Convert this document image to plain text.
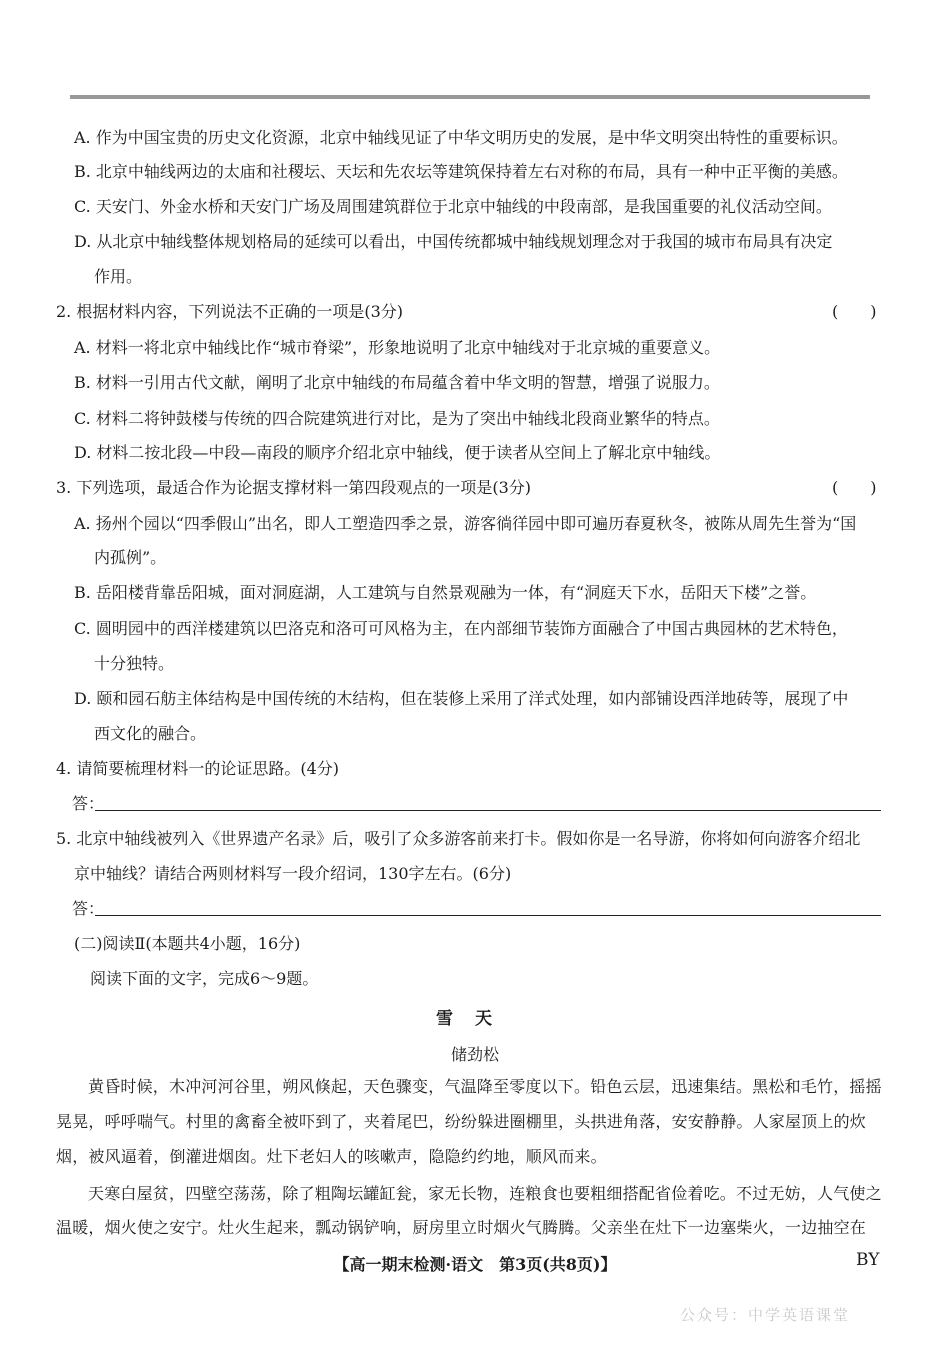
A. 作为中国宝贵的历史文化资源，北京中轴线见证了中华文明历史的发展，是中华文明突出特性的重要标识。
B. 北京中轴线两边的太庙和社稷坛、天坛和先农坛等建筑保持着左右对称的布局，具有一种中正平衡的美感。
C. 天安门、外金水桥和天安门广场及周围建筑群位于北京中轴线的中段南部，是我国重要的礼仪活动空间。
D. 从北京中轴线整体规划格局的延续可以看出，中国传统都城中轴线规划理念对于我国的城市布局具有决定
作用。
2. 根据材料内容，下列说法不正确的一项是(3分)	(　　)
A. 材料一将北京中轴线比作“城市脊梁”，形象地说明了北京中轴线对于北京城的重要意义。
B. 材料一引用古代文献，阐明了北京中轴线的布局蕴含着中华文明的智慧，增强了说服力。
C. 材料二将钟鼓楼与传统的四合院建筑进行对比，是为了突出中轴线北段商业繁华的特点。
D. 材料二按北段—中段—南段的顺序介绍北京中轴线，便于读者从空间上了解北京中轴线。
3. 下列选项，最适合作为论据支撑材料一第四段观点的一项是(3分)	(　　)
A. 扬州个园以“四季假山”出名，即人工塑造四季之景，游客徜徉园中即可遍历春夏秋冬，被陈从周先生誉为“国
内孤例”。
B. 岳阳楼背靠岳阳城，面对洞庭湖，人工建筑与自然景观融为一体，有“洞庭天下水，岳阳天下楼”之誉。
C. 圆明园中的西洋楼建筑以巴洛克和洛可可风格为主，在内部细节装饰方面融合了中国古典园林的艺术特色，
十分独特。
D. 颐和园石舫主体结构是中国传统的木结构，但在装修上采用了洋式处理，如内部铺设西洋地砖等，展现了中
西文化的融合。
4. 请简要梳理材料一的论证思路。(4分)
答：
5. 北京中轴线被列入《世界遗产名录》后，吸引了众多游客前来打卡。假如你是一名导游，你将如何向游客介绍北
京中轴线？请结合两则材料写一段介绍词，130字左右。(6分)
答：
(二)阅读Ⅱ(本题共4小题，16分)
阅读下面的文字，完成6～9题。
雪天
储劲松
黄昏时候，木冲河河谷里，朔风倏起，天色骤变，气温降至零度以下。铅色云层，迅速集结。黑松和毛竹，摇摇
晃晃，呼呼喘气。村里的禽畜全被吓到了，夹着尾巴，纷纷躲进圈棚里，头拱进角落，安安静静。人家屋顶上的炊
烟，被风逼着，倒灌进烟囱。灶下老妇人的咳嗽声，隐隐约约地，顺风而来。
天寒白屋贫，四壁空荡荡，除了粗陶坛罐缸瓮，家无长物，连粮食也要粗细搭配省俭着吃。不过无妨，人气使之
温暖，烟火使之安宁。灶火生起来，瓢动锅铲响，厨房里立时烟火气腾腾。父亲坐在灶下一边塞柴火，一边抽空在
【高一期末检测·语文　第3页(共8页)】	BY
公众号：中学英语课堂
